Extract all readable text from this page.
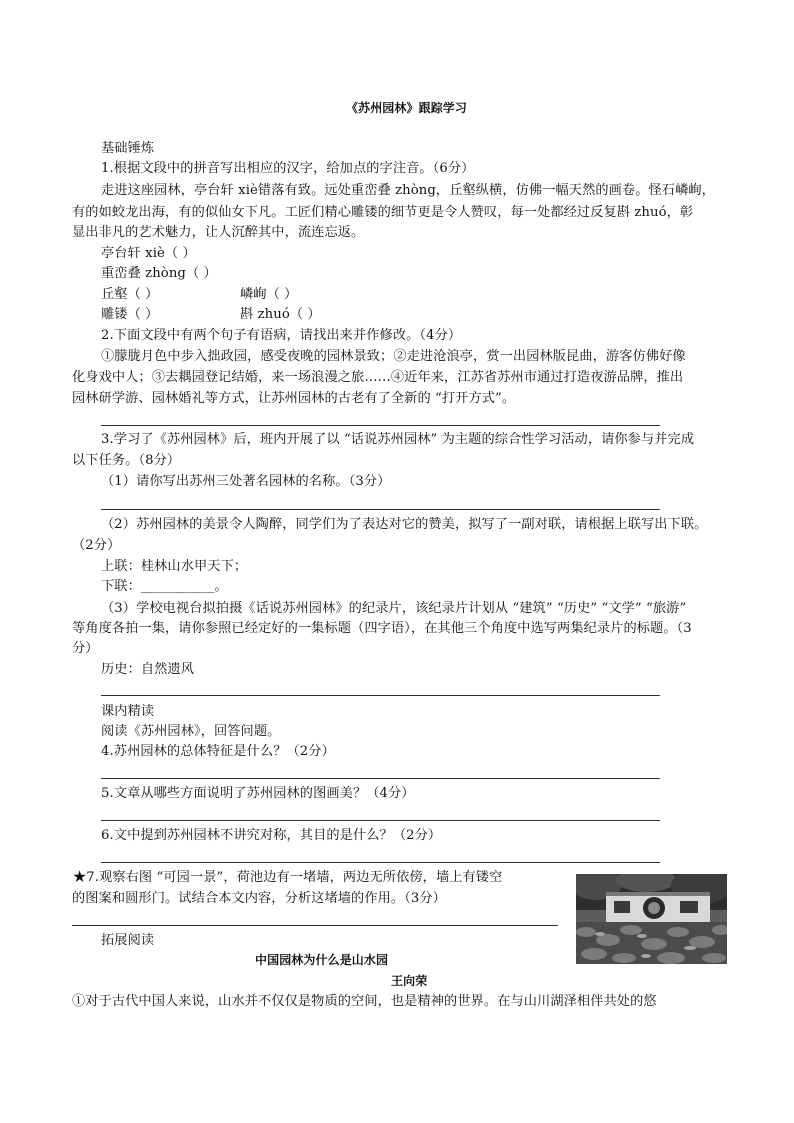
《苏州园林》跟踪学习
基础锤炼
1.根据文段中的拼音写出相应的汉字，给加点的字注音。（6分）
走进这座园林，亭台轩 xiè错落有致。远处重峦叠 zhòng，丘壑纵横，仿佛一幅天然的画卷。怪石嶙峋，
有的如蛟龙出海，有的似仙女下凡。工匠们精心雕镂的细节更是令人赞叹，每一处都经过反复斟 zhuó，彰
显出非凡的艺术魅力，让人沉醉其中，流连忘返。
亭台轩 xiè（ ）
重峦叠 zhòng（ ）
丘壑（ ）	嶙峋（ ）
雕镂（ ）	斟 zhuó（ ）
2.下面文段中有两个句子有语病，请找出来并作修改。（4分）
①朦胧月色中步入拙政园，感受夜晚的园林景致；②走进沧浪亭，赏一出园林版昆曲，游客仿佛好像
化身戏中人；③去耦园登记结婚，来一场浪漫之旅……④近年来，江苏省苏州市通过打造夜游品牌，推出
园林研学游、园林婚礼等方式，让苏州园林的古老有了全新的 “打开方式”。
3.学习了《苏州园林》后，班内开展了以 “话说苏州园林” 为主题的综合性学习活动，请你参与并完成
以下任务。（8分）
（1）请你写出苏州三处著名园林的名称。（3分）
（2）苏州园林的美景令人陶醉，同学们为了表达对它的赞美，拟写了一副对联，请根据上联写出下联。
（2分）
上联：桂林山水甲天下；
下联：___________。
（3）学校电视台拟拍摄《话说苏州园林》的纪录片，该纪录片计划从 “建筑” “历史” “文学” “旅游”
等角度各拍一集，请你参照已经定好的一集标题（四字语），在其他三个角度中选写两集纪录片的标题。（3
分）
历史：自然遗风
课内精读
阅读《苏州园林》，回答问题。
4.苏州园林的总体特征是什么？（2分）
5.文章从哪些方面说明了苏州园林的图画美？（4分）
6.文中提到苏州园林不讲究对称，其目的是什么？（2分）
★7.观察右图 “可园一景”，荷池边有一堵墙，两边无所依傍，墙上有镂空
的图案和圆形门。试结合本文内容，分析这堵墙的作用。（3分）
拓展阅读
中国园林为什么是山水园
王向荣
①对于古代中国人来说，山水并不仅仅是物质的空间，也是精神的世界。在与山川湖泽相伴共处的悠
